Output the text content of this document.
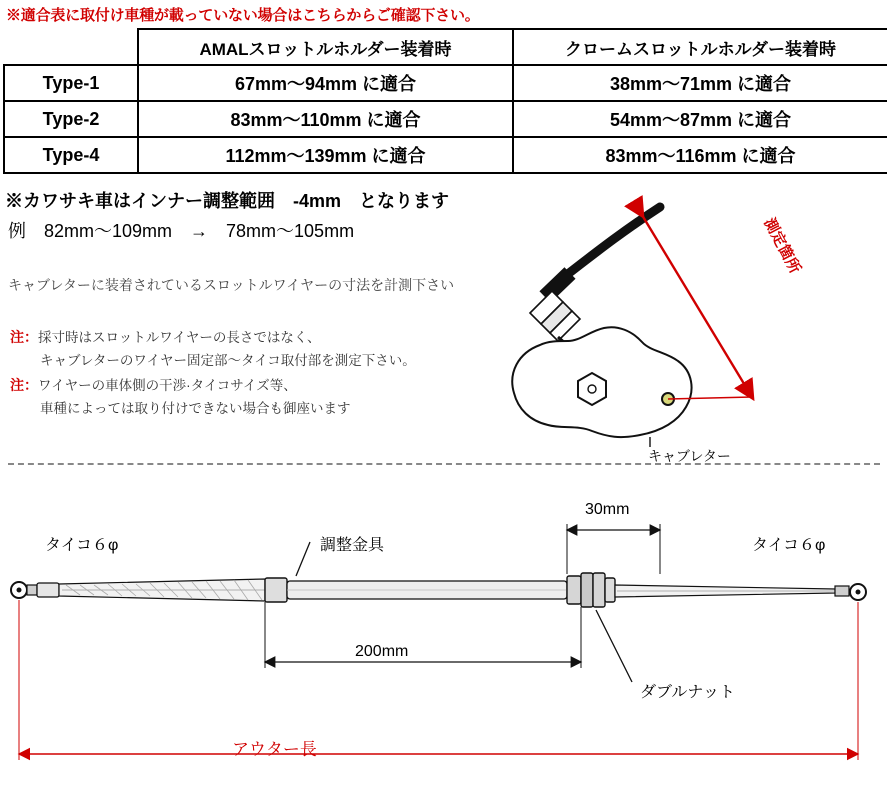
※適合表に取付け車種が載っていない場合はこちらからご確認下さい。
	AMALスロットルホルダー装着時	クロームスロットルホルダー装着時
Type-1	67mm〜94mm に適合	38mm〜71mm に適合
Type-2	83mm〜110mm に適合	54mm〜87mm に適合
Type-4	112mm〜139mm に適合	83mm〜116mm に適合
※カワサキ車はインナー調整範囲　-4mm　となります
例　82mm〜109mm　→　78mm〜105mm
キャブレターに装着されているスロットルワイヤーの寸法を計測下さい
注：採寸時はスロットルワイヤーの長さではなく、
キャブレターのワイヤー固定部〜タイコ取付部を測定下さい。
注：ワイヤーの車体側の干渉·タイコサイズ等、
車種によっては取り付けできない場合も御座います
キャブレター
測定箇所
タイコ６φ	タイコ６φ
調整金具
30mm
200mm
ダブルナット
アウター長
